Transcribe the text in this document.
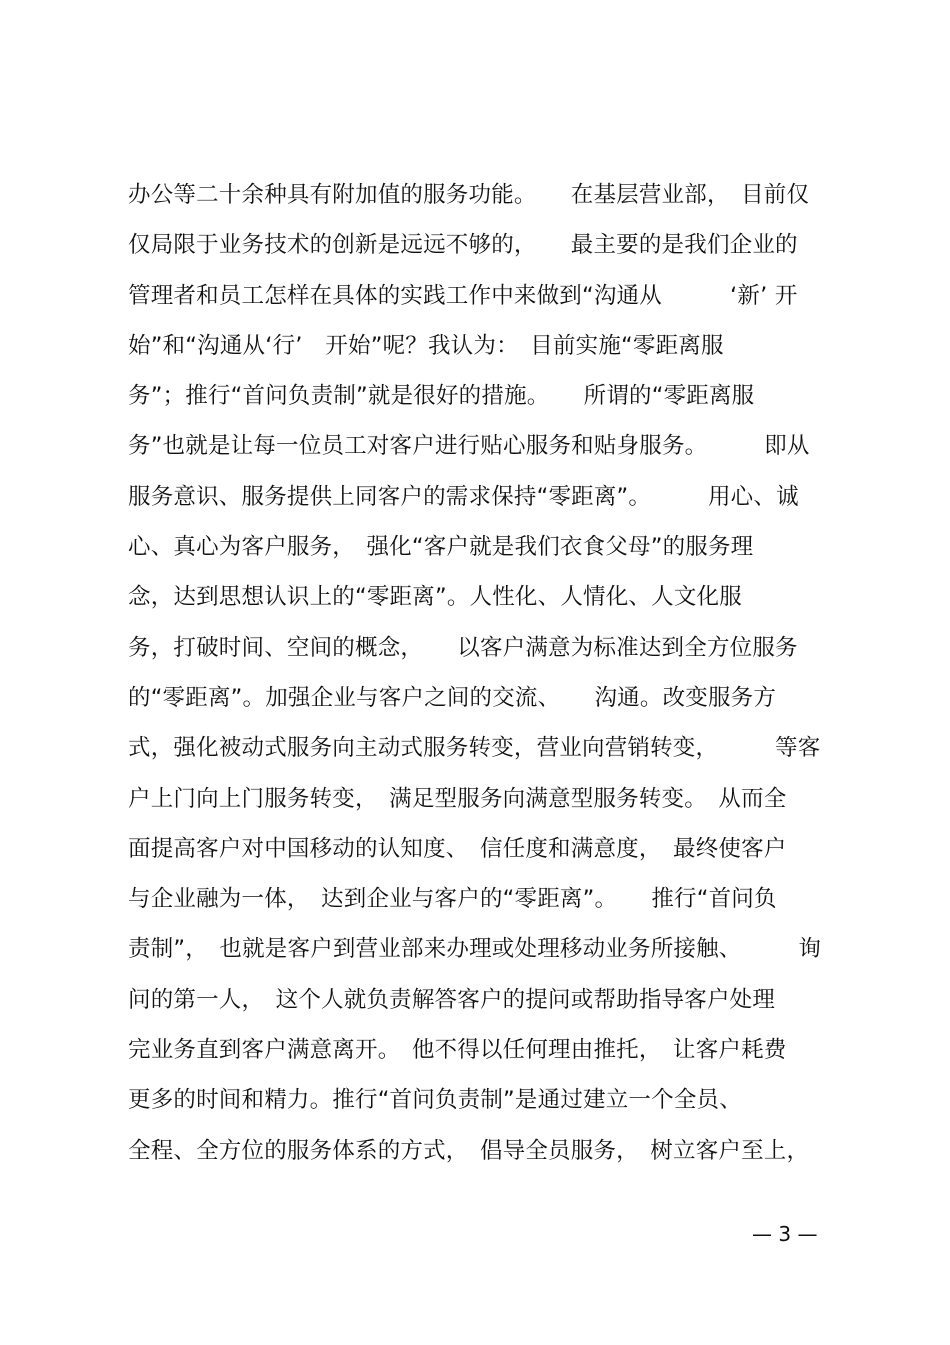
办公等二十余种具有附加值的服务功能。　　在基层营业部，　目前仅
仅局限于业务技术的创新是远远不够的，　　最主要的是我们企业的
管理者和员工怎样在具体的实践工作中来做到“沟通从　　　‘新’ 开
始”和“沟通从‘行’　开始”呢？我认为：　目前实施“零距离服
务”；推行“首问负责制”就是很好的措施。　　所谓的“零距离服
务”也就是让每一位员工对客户进行贴心服务和贴身服务。　　　即从
服务意识、服务提供上同客户的需求保持“零距离”。　　　用心、诚
心、真心为客户服务，　强化“客户就是我们衣食父母”的服务理
念，达到思想认识上的“零距离”。人性化、人情化、人文化服
务，打破时间、空间的概念，　　以客户满意为标准达到全方位服务
的“零距离”。加强企业与客户之间的交流、　　沟通。改变服务方
式，强化被动式服务向主动式服务转变，营业向营销转变，　　　等客
户上门向上门服务转变，　满足型服务向满意型服务转变。　从而全
面提高客户对中国移动的认知度、　信任度和满意度，　最终使客户
与企业融为一体，　达到企业与客户的“零距离”。　　推行“首问负
责制”，　也就是客户到营业部来办理或处理移动业务所接触、　　　询
问的第一人，　这个人就负责解答客户的提问或帮助指导客户处理
完业务直到客户满意离开。　他不得以任何理由推托，　让客户耗费
更多的时间和精力。推行“首问负责制”是通过建立一个全员、
全程、全方位的服务体系的方式，　倡导全员服务，　树立客户至上，
— 3 —
